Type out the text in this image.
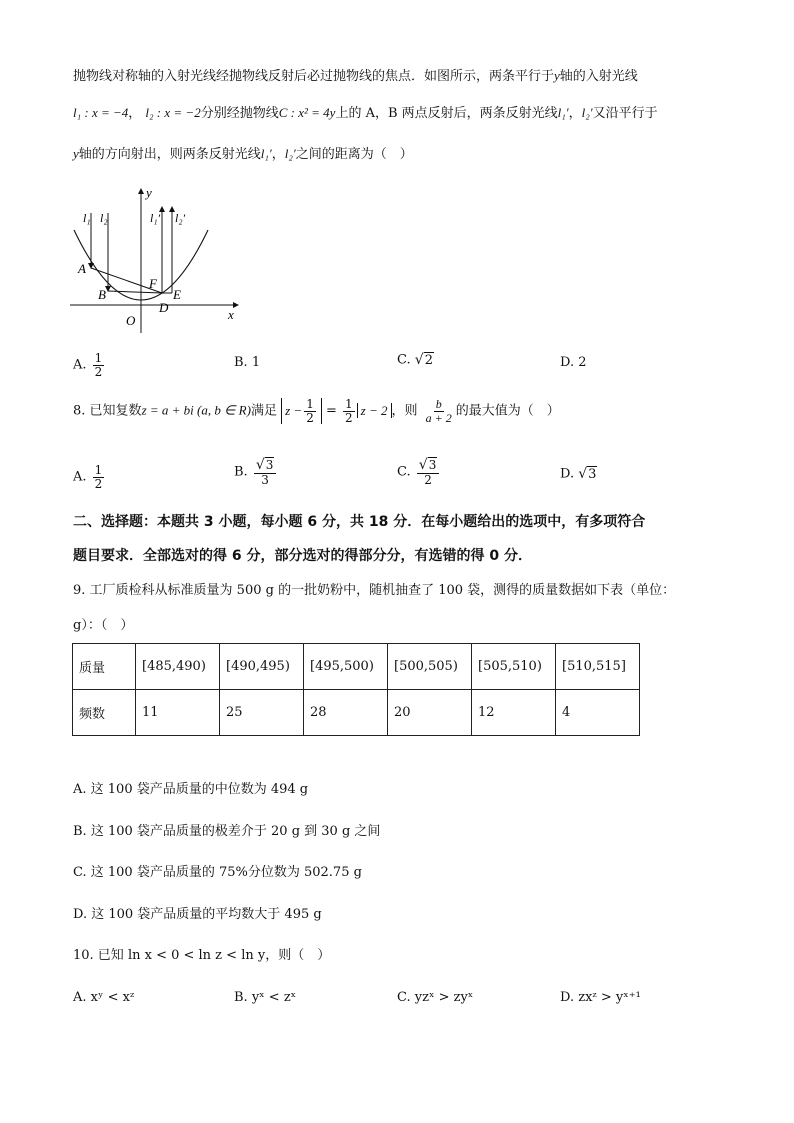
抛物线对称轴的入射光线经抛物线反射后必过抛物线的焦点．如图所示，两条平行于y轴的入射光线
l₁ : x = −4， l₂ : x = −2分别经抛物线C : x² = 4y上的 A，B 两点反射后，两条反射光线l₁′，l₂′又沿平行于
y轴的方向射出，则两条反射光线l₁′，l₂′之间的距离为（　）
y
x
O
l₁ l₂	l₁′ l₂′
A
B
F
E
D
A. $\frac{1}{2}$	B. 1	C. √2	D. 2
8. 已知复数z = a + bi (a, b ∈ R)满足 $z - \frac{1}{2} = \frac{1}{2}$ z − 2 ，则 $\frac{b}{a + 2}$ 的最大值为（　）
A. $\frac{1}{2}$	B. $\frac{√3}{3}$	C. $\frac{√3}{2}$	D. √3
二、选择题：本题共 3 小题，每小题 6 分，共 18 分．在每小题给出的选项中，有多项符合
题目要求．全部选对的得 6 分，部分选对的得部分分，有选错的得 0 分．
9. 工厂质检科从标准质量为 500 g 的一批奶粉中，随机抽查了 100 袋，测得的质量数据如下表（单位：
g）：（　）
质量	[485,490)	[490,495)	[495,500)	[500,505)	[505,510)	[510,515]
频数	11	25	28	20	12	4
A. 这 100 袋产品质量的中位数为 494 g
B. 这 100 袋产品质量的极差介于 20 g 到 30 g 之间
C. 这 100 袋产品质量的 75%分位数为 502.75 g
D. 这 100 袋产品质量的平均数大于 495 g
10. 已知 ln x < 0 < ln z < ln y，则（　）
A. xʸ < xᶻ	B. yˣ < zˣ	C. yzˣ > zyˣ	D. zxᶻ > yˣ⁺¹
